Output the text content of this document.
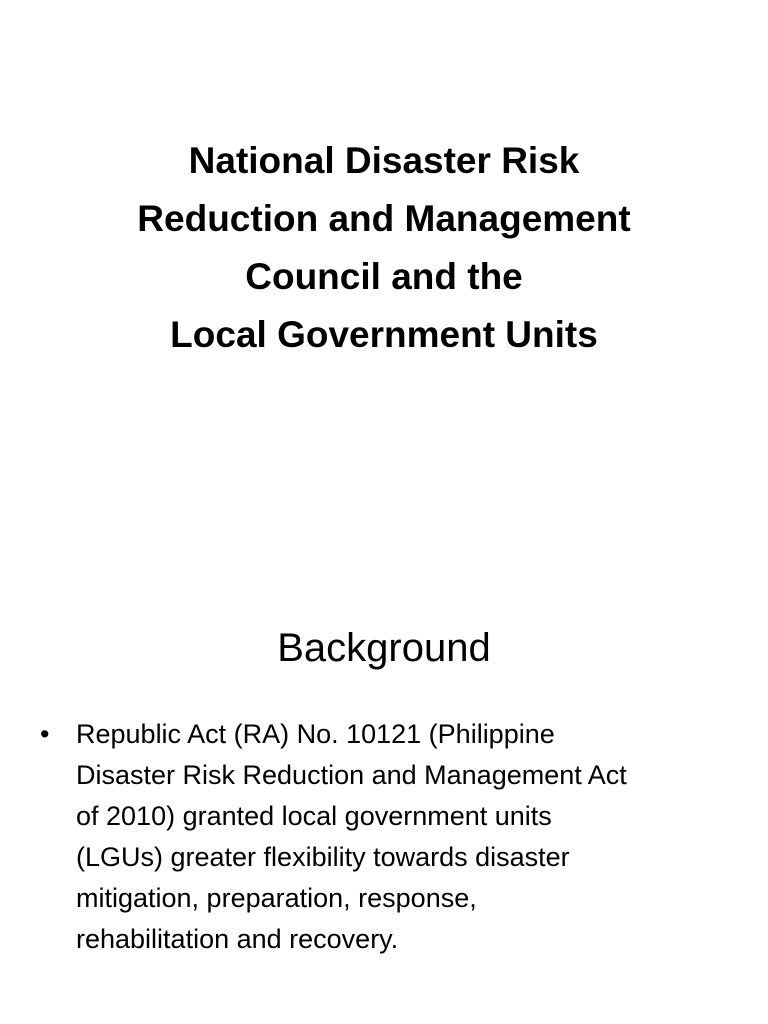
National Disaster Risk
Reduction and Management
Council and the
Local Government Units
Background
• Republic Act (RA) No. 10121 (Philippine
Disaster Risk Reduction and Management Act
of 2010) granted local government units
(LGUs) greater flexibility towards disaster
mitigation, preparation, response,
rehabilitation and recovery.
